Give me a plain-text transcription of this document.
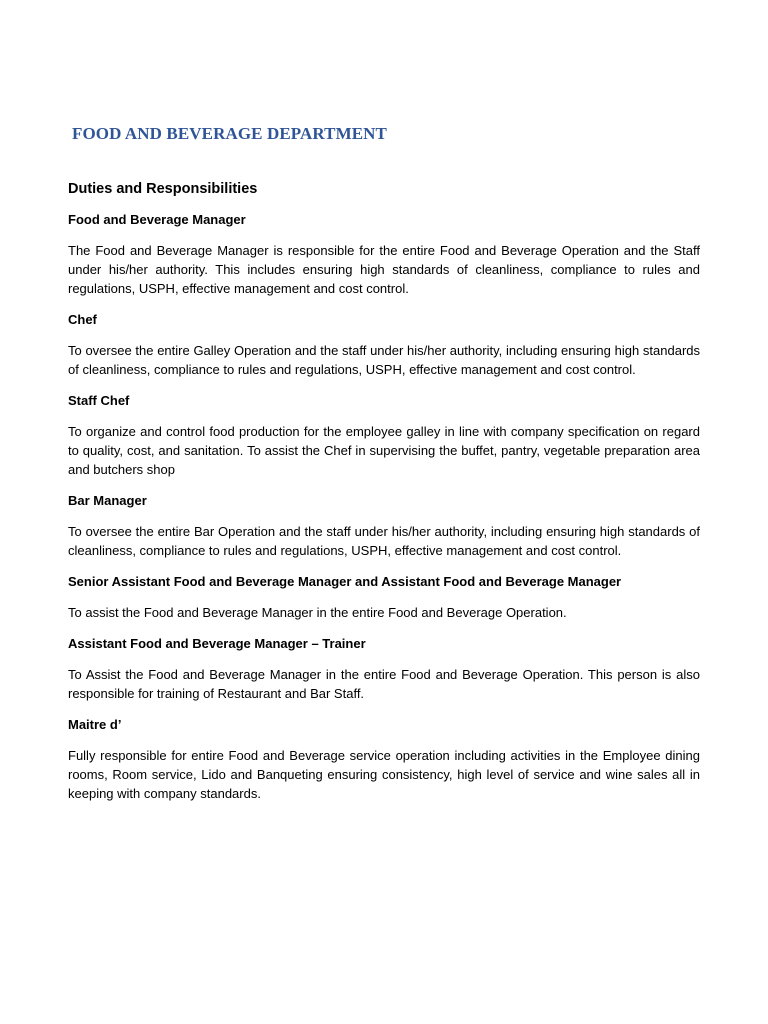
FOOD AND BEVERAGE DEPARTMENT
Duties and Responsibilities

Food and Beverage Manager

The Food and Beverage Manager is responsible for the entire Food and Beverage Operation and the Staff under his/her authority. This includes ensuring high standards of cleanliness, compliance to rules and regulations, USPH, effective management and cost control.

Chef

To oversee the entire Galley Operation and the staff under his/her authority, including ensuring high standards of cleanliness, compliance to rules and regulations, USPH, effective management and cost control.

Staff Chef

To organize and control food production for the employee galley in line with company specification on regard to quality, cost, and sanitation. To assist the Chef in supervising the buffet, pantry, vegetable preparation area and butchers shop

Bar Manager

To oversee the entire Bar Operation and the staff under his/her authority, including ensuring high standards of cleanliness, compliance to rules and regulations, USPH, effective management and cost control.

Senior Assistant Food and Beverage Manager and Assistant Food and Beverage Manager

To assist the Food and Beverage Manager in the entire Food and Beverage Operation.

Assistant Food and Beverage Manager – Trainer

To Assist the Food and Beverage Manager in the entire Food and Beverage Operation. This person is also responsible for training of Restaurant and Bar Staff.

Maitre d’

Fully responsible for entire Food and Beverage service operation including activities in the Employee dining rooms, Room service, Lido and Banqueting ensuring consistency, high level of service and wine sales all in keeping with company standards.
